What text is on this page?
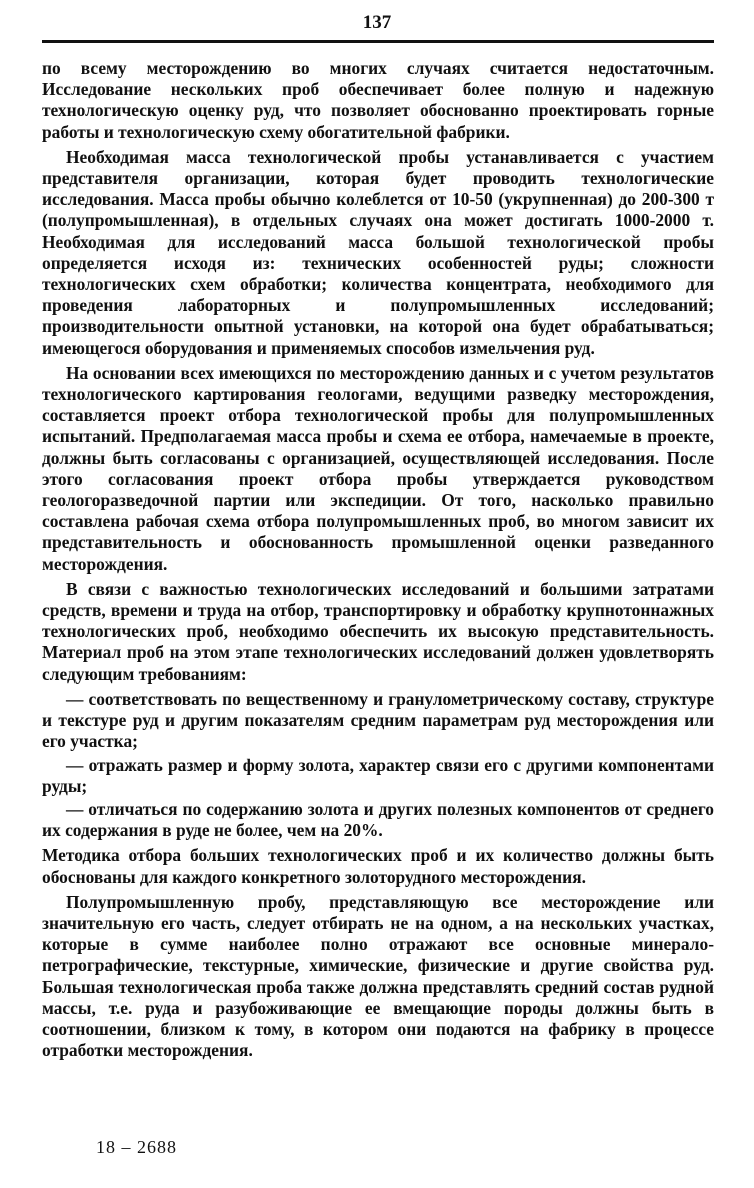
137

по всему месторождению во многих случаях считается недостаточным. Исследование нескольких проб обеспечивает более полную и надежную технологическую оценку руд, что позволяет обоснованно проектировать горные работы и технологическую схему обогатительной фабрики.

Необходимая масса технологической пробы устанавливается с участием представителя организации, которая будет проводить технологические исследования. Масса пробы обычно колеблется от 10-50 (укрупненная) до 200-300 т (полупромышленная), в отдельных случаях она может достигать 1000-2000 т. Необходимая для исследований масса большой технологической пробы определяется исходя из: технических особенностей руды; сложности технологических схем обработки; количества концентрата, необходимого для проведения лабораторных и полупромышленных исследований; производительности опытной установки, на которой она будет обрабатываться; имеющегося оборудования и применяемых способов измельчения руд.

На основании всех имеющихся по месторождению данных и с учетом результатов технологического картирования геологами, ведущими разведку месторождения, составляется проект отбора технологической пробы для полупромышленных испытаний. Предполагаемая масса пробы и схема ее отбора, намечаемые в проекте, должны быть согласованы с организацией, осуществляющей исследования. После этого согласования проект отбора пробы утверждается руководством геологоразведочной партии или экспедиции. От того, насколько правильно составлена рабочая схема отбора полупромышленных проб, во многом зависит их представительность и обоснованность промышленной оценки разведанного месторождения.

В связи с важностью технологических исследований и большими затратами средств, времени и труда на отбор, транспортировку и обработку крупнотоннажных технологических проб, необходимо обеспечить их высокую представительность. Материал проб на этом этапе технологических исследований должен удовлетворять следующим требованиям:

— соответствовать по вещественному и гранулометрическому составу, структуре и текстуре руд и другим показателям средним параметрам руд месторождения или его участка;

— отражать размер и форму золота, характер связи его с другими компонентами руды;

— отличаться по содержанию золота и других полезных компонентов от среднего их содержания в руде не более, чем на 20%.

Методика отбора больших технологических проб и их количество должны быть обоснованы для каждого конкретного золоторудного месторождения.

Полупромышленную пробу, представляющую все месторождение или значительную его часть, следует отбирать не на одном, а на нескольких участках, которые в сумме наиболее полно отражают все основные минерало-петрографические, текстурные, химические, физические и другие свойства руд. Большая технологическая проба также должна представлять средний состав рудной массы, т.е. руда и разубоживающие ее вмещающие породы должны быть в соотношении, близком к тому, в котором они подаются на фабрику в процессе отработки месторождения.

18 – 2688
